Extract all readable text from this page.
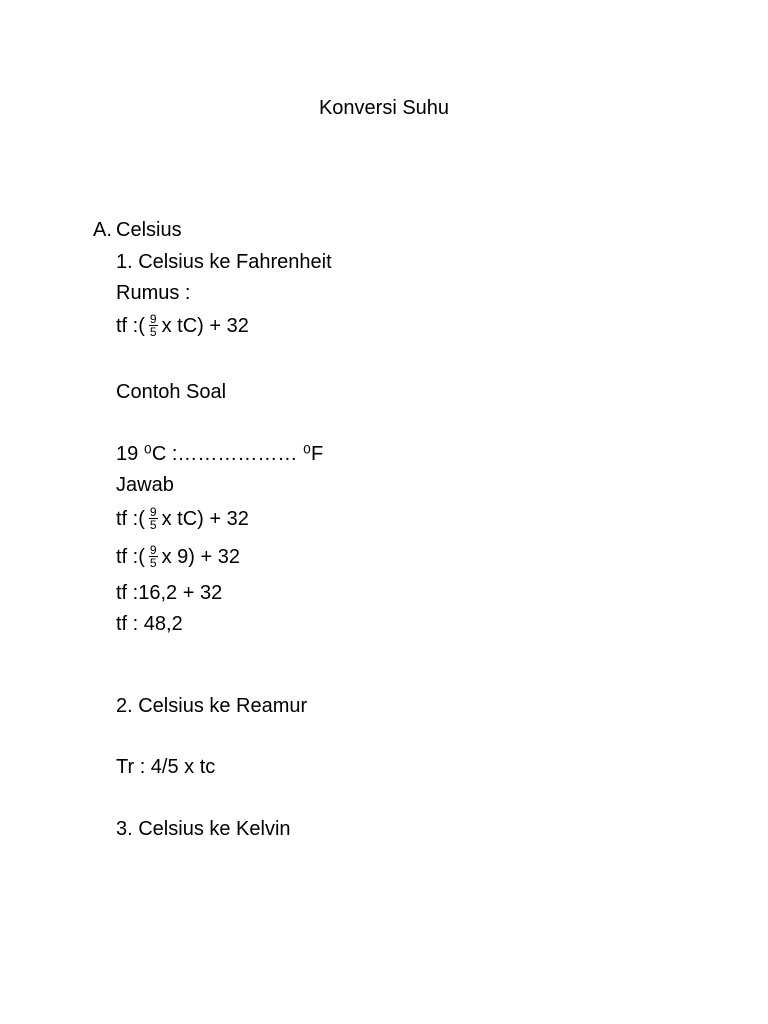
Konversi Suhu
A. Celsius
1. Celsius ke Fahrenheit
Rumus :
tf :( $\frac{9}{5}$ x tC) + 32
Contoh Soal
19 ⁰C :……………… ⁰F
Jawab
tf :( $\frac{9}{5}$ x tC) + 32
tf :( $\frac{9}{5}$ x 9) + 32
tf :16,2 + 32
tf : 48,2
2. Celsius ke Reamur
Tr : 4/5 x tc
3. Celsius ke Kelvin
